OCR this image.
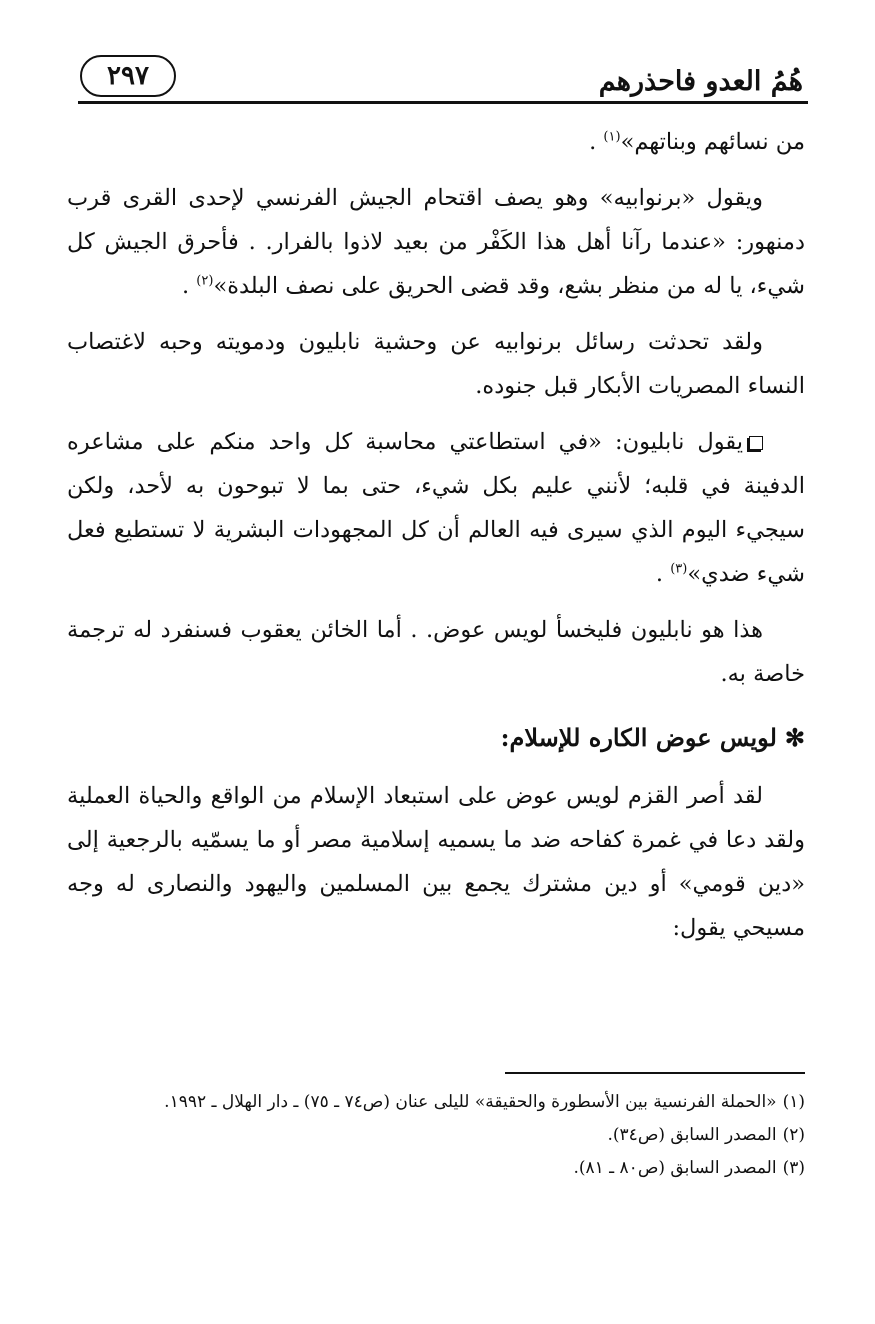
هُمُ العدو فاحذرهم
٢٩٧

من نسائهم وبناتهم»$^{(١)}$ .

ويقول «برنوابيه» وهو يصف اقتحام الجيش الفرنسي لإحدى القرى قرب دمنهور: «عندما رآنا أهل هذا الكَفْر من بعيد لاذوا بالفرار. . فأحرق الجيش كل شيء، يا له من منظر بشع، وقد قضى الحريق على نصف البلدة»$^{(٢)}$ .

ولقد تحدثت رسائل برنوابيه عن وحشية نابليون ودمويته وحبه لاغتصاب النساء المصريات الأبكار قبل جنوده.

يقول نابليون: «في استطاعتي محاسبة كل واحد منكم على مشاعره الدفينة في قلبه؛ لأنني عليم بكل شيء، حتى بما لا تبوحون به لأحد، ولكن سيجيء اليوم الذي سيرى فيه العالم أن كل المجهودات البشرية لا تستطيع فعل شيء ضدي»$^{(٣)}$ .

هذا هو نابليون فليخسأ لويس عوض. . أما الخائن يعقوب فسنفرد له ترجمة خاصة به.

✻لويس عوض الكاره للإسلام:

لقد أصر القزم لويس عوض على استبعاد الإسلام من الواقع والحياة العملية ولقد دعا في غمرة كفاحه ضد ما يسميه إسلامية مصر أو ما يسمّيه بالرجعية إلى «دين قومي» أو دين مشترك يجمع بين المسلمين واليهود والنصارى له وجه مسيحي يقول:

(١)«الحملة الفرنسية بين الأسطورة والحقيقة» لليلى عنان (ص٧٤ ـ ٧٥) ـ دار الهلال ـ ١٩٩٢.

(٢)المصدر السابق (ص٣٤).

(٣)المصدر السابق (ص٨٠ ـ ٨١).
